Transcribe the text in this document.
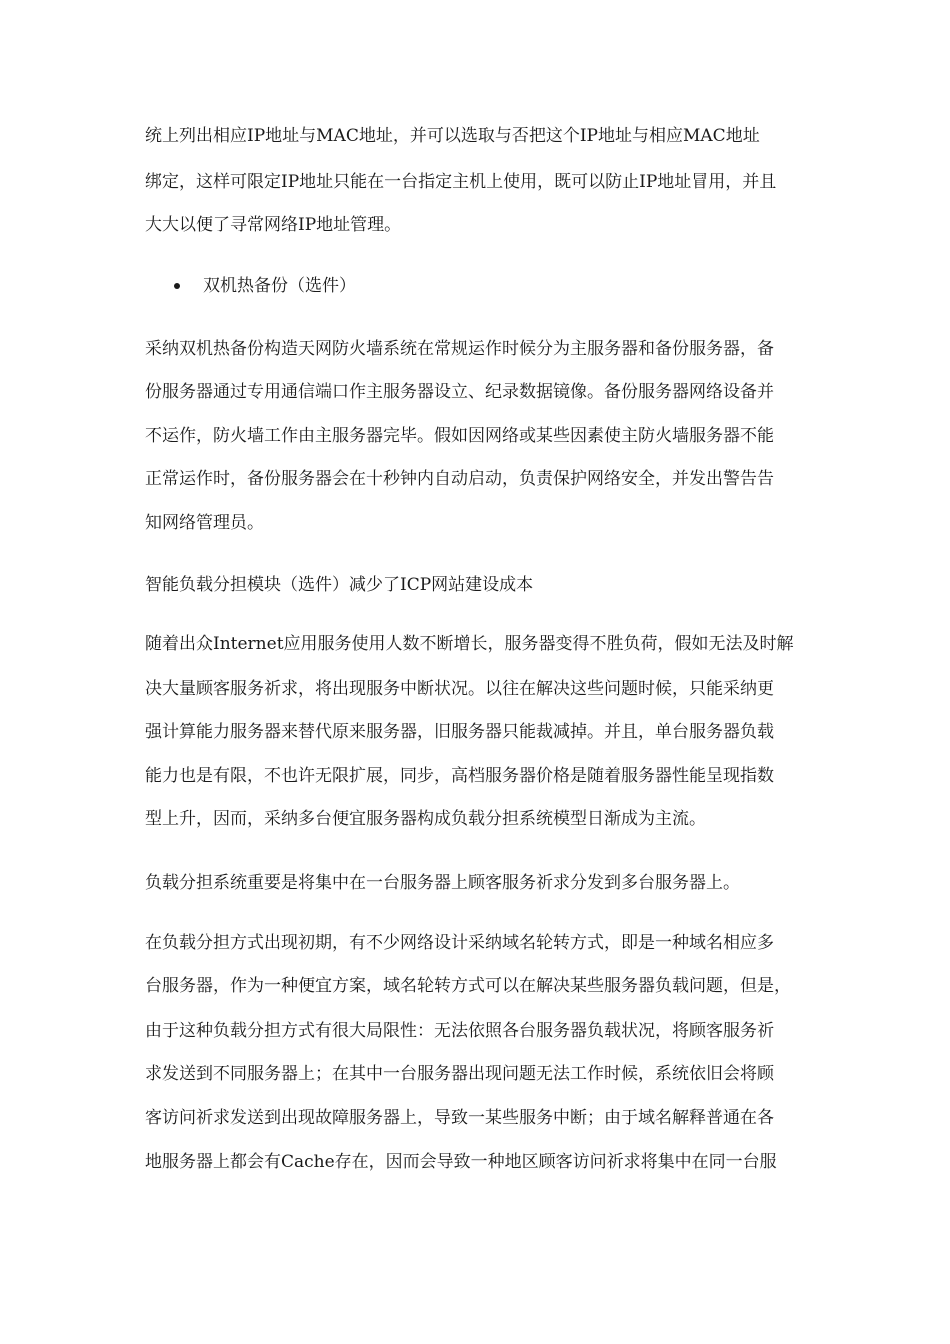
统上列出相应IP地址与MAC地址，并可以选取与否把这个IP地址与相应MAC地址
绑定，这样可限定IP地址只能在一台指定主机上使用，既可以防止IP地址冒用，并且
大大以便了寻常网络IP地址管理。
双机热备份（选件）
采纳双机热备份构造天网防火墙系统在常规运作时候分为主服务器和备份服务器，备
份服务器通过专用通信端口作主服务器设立、纪录数据镜像。备份服务器网络设备并
不运作，防火墙工作由主服务器完毕。假如因网络或某些因素使主防火墙服务器不能
正常运作时，备份服务器会在十秒钟内自动启动，负责保护网络安全，并发出警告告
知网络管理员。
智能负载分担模块（选件）减少了ICP网站建设成本
随着出众Internet应用服务使用人数不断增长，服务器变得不胜负荷，假如无法及时解
决大量顾客服务祈求，将出现服务中断状况。以往在解决这些问题时候，只能采纳更
强计算能力服务器来替代原来服务器，旧服务器只能裁减掉。并且，单台服务器负载
能力也是有限，不也许无限扩展，同步，高档服务器价格是随着服务器性能呈现指数
型上升，因而，采纳多台便宜服务器构成负载分担系统模型日渐成为主流。
负载分担系统重要是将集中在一台服务器上顾客服务祈求分发到多台服务器上。
在负载分担方式出现初期，有不少网络设计采纳域名轮转方式，即是一种域名相应多
台服务器，作为一种便宜方案，域名轮转方式可以在解决某些服务器负载问题，但是，
由于这种负载分担方式有很大局限性：无法依照各台服务器负载状况，将顾客服务祈
求发送到不同服务器上；在其中一台服务器出现问题无法工作时候，系统依旧会将顾
客访问祈求发送到出现故障服务器上，导致一某些服务中断；由于域名解释普通在各
地服务器上都会有Cache存在，因而会导致一种地区顾客访问祈求将集中在同一台服
